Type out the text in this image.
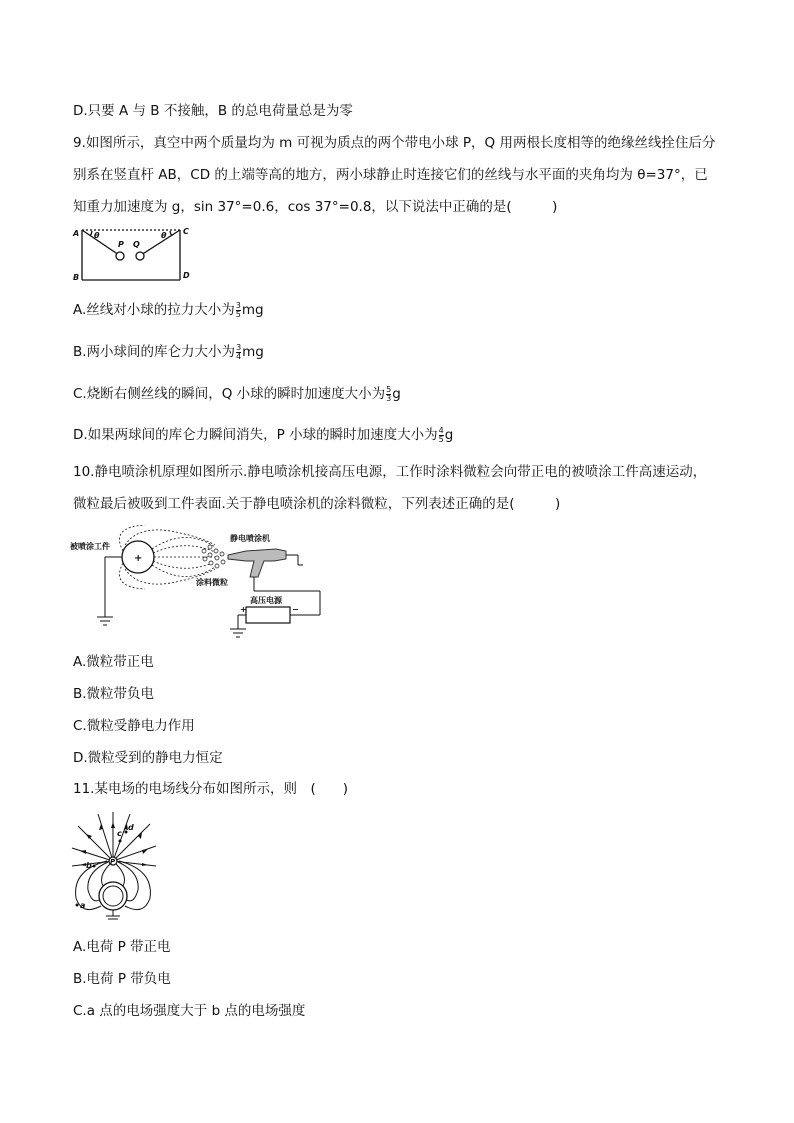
D.只要 A 与 B 不接触，B 的总电荷量总是为零
9.如图所示，真空中两个质量均为 m 可视为质点的两个带电小球 P，Q 用两根长度相等的绝缘丝线拴住后分
别系在竖直杆 AB，CD 的上端等高的地方，两小球静止时连接它们的丝线与水平面的夹角均为 θ=37°，已
知重力加速度为 g，sin 37°=0.6，cos 37°=0.8，以下说法中正确的是(　　　)
A
B
C
D
P Q
θ	θ
A.丝线对小球的拉力大小为 $\frac{3}{5}$ mg
B.两小球间的库仑力大小为 $\frac{3}{4}$ mg
C.烧断右侧丝线的瞬间，Q 小球的瞬时加速度大小为 $\frac{5}{3}$ g
D.如果两球间的库仑力瞬间消失，P 小球的瞬时加速度大小为 $\frac{4}{5}$ g
10.静电喷涂机原理如图所示.静电喷涂机接高压电源，工作时涂料微粒会向带正电的被喷涂工件高速运动，
微粒最后被吸到工件表面.关于静电喷涂机的涂料微粒，下列表述正确的是(　　　)
被喷涂工件
静电喷涂机
涂料微粒
高压电源
+
+	−
A.微粒带正电
B.微粒带负电
C.微粒受静电力作用
D.微粒受到的静电力恒定
11.某电场的电场线分布如图所示，则　(　　)
P
d
c
b
a
A.电荷 P 带正电
B.电荷 P 带负电
C.a 点的电场强度大于 b 点的电场强度
